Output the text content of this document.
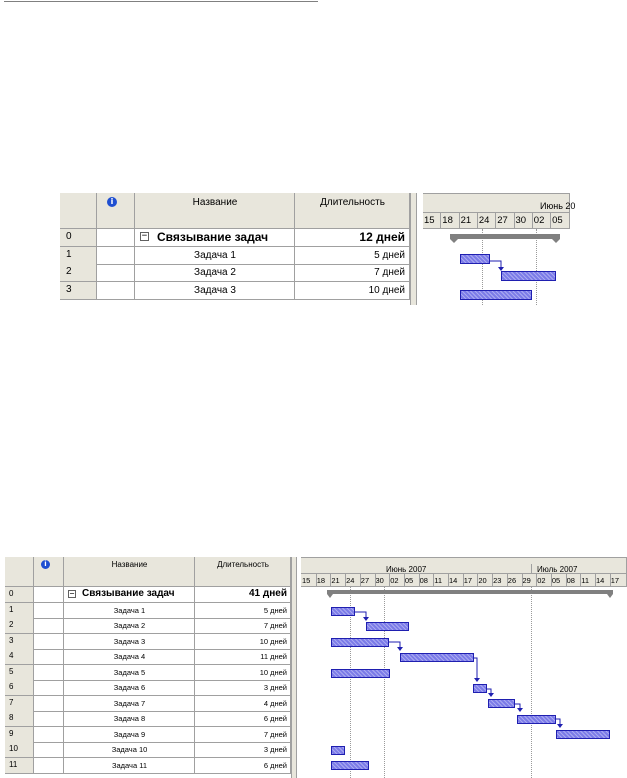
i	Название	Длительность	Июнь 20
0	− Связывание задач	12 дней
1	Задача 1	5 дней
2	Задача 2	7 дней
3	Задача 3	10 дней
15 18 21 24 27 30 02 05
i	Название	Длительность
Июнь 2007	Июль 2007
0	− Связывание задач	41 дней
1	Задача 1	5 дней
2	Задача 2	7 дней
3	Задача 3	10 дней
4	Задача 4	11 дней
5	Задача 5	10 дней
6	Задача 6	3 дней
7	Задача 7	4 дней
8	Задача 8	6 дней
9	Задача 9	7 дней
10	Задача 10	3 дней
11	Задача 11	6 дней
15 18 21 24 27 30 02 05 08 11 14 17 20 23 26 29 02 05 08 11 14 17
